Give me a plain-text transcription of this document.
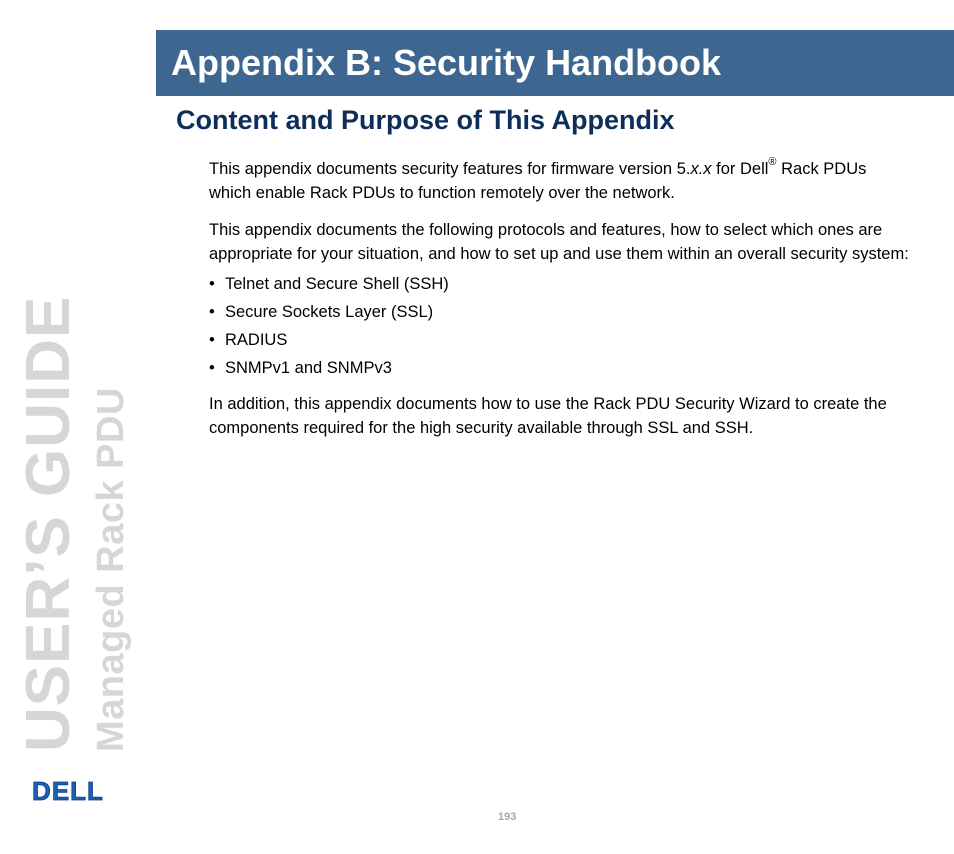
USER’S GUIDE Managed Rack PDU
DELL
Appendix B: Security Handbook
Content and Purpose of This Appendix

This appendix documents security features for firmware version 5.x.x for Dell® Rack PDUs which enable Rack PDUs to function remotely over the network.

This appendix documents the following protocols and features, how to select which ones are appropriate for your situation, and how to set up and use them within an overall security system:

• Telnet and Secure Shell (SSH)
• Secure Sockets Layer (SSL)
• RADIUS
• SNMPv1 and SNMPv3

In addition, this appendix documents how to use the Rack PDU Security Wizard to create the components required for the high security available through SSL and SSH.

193
